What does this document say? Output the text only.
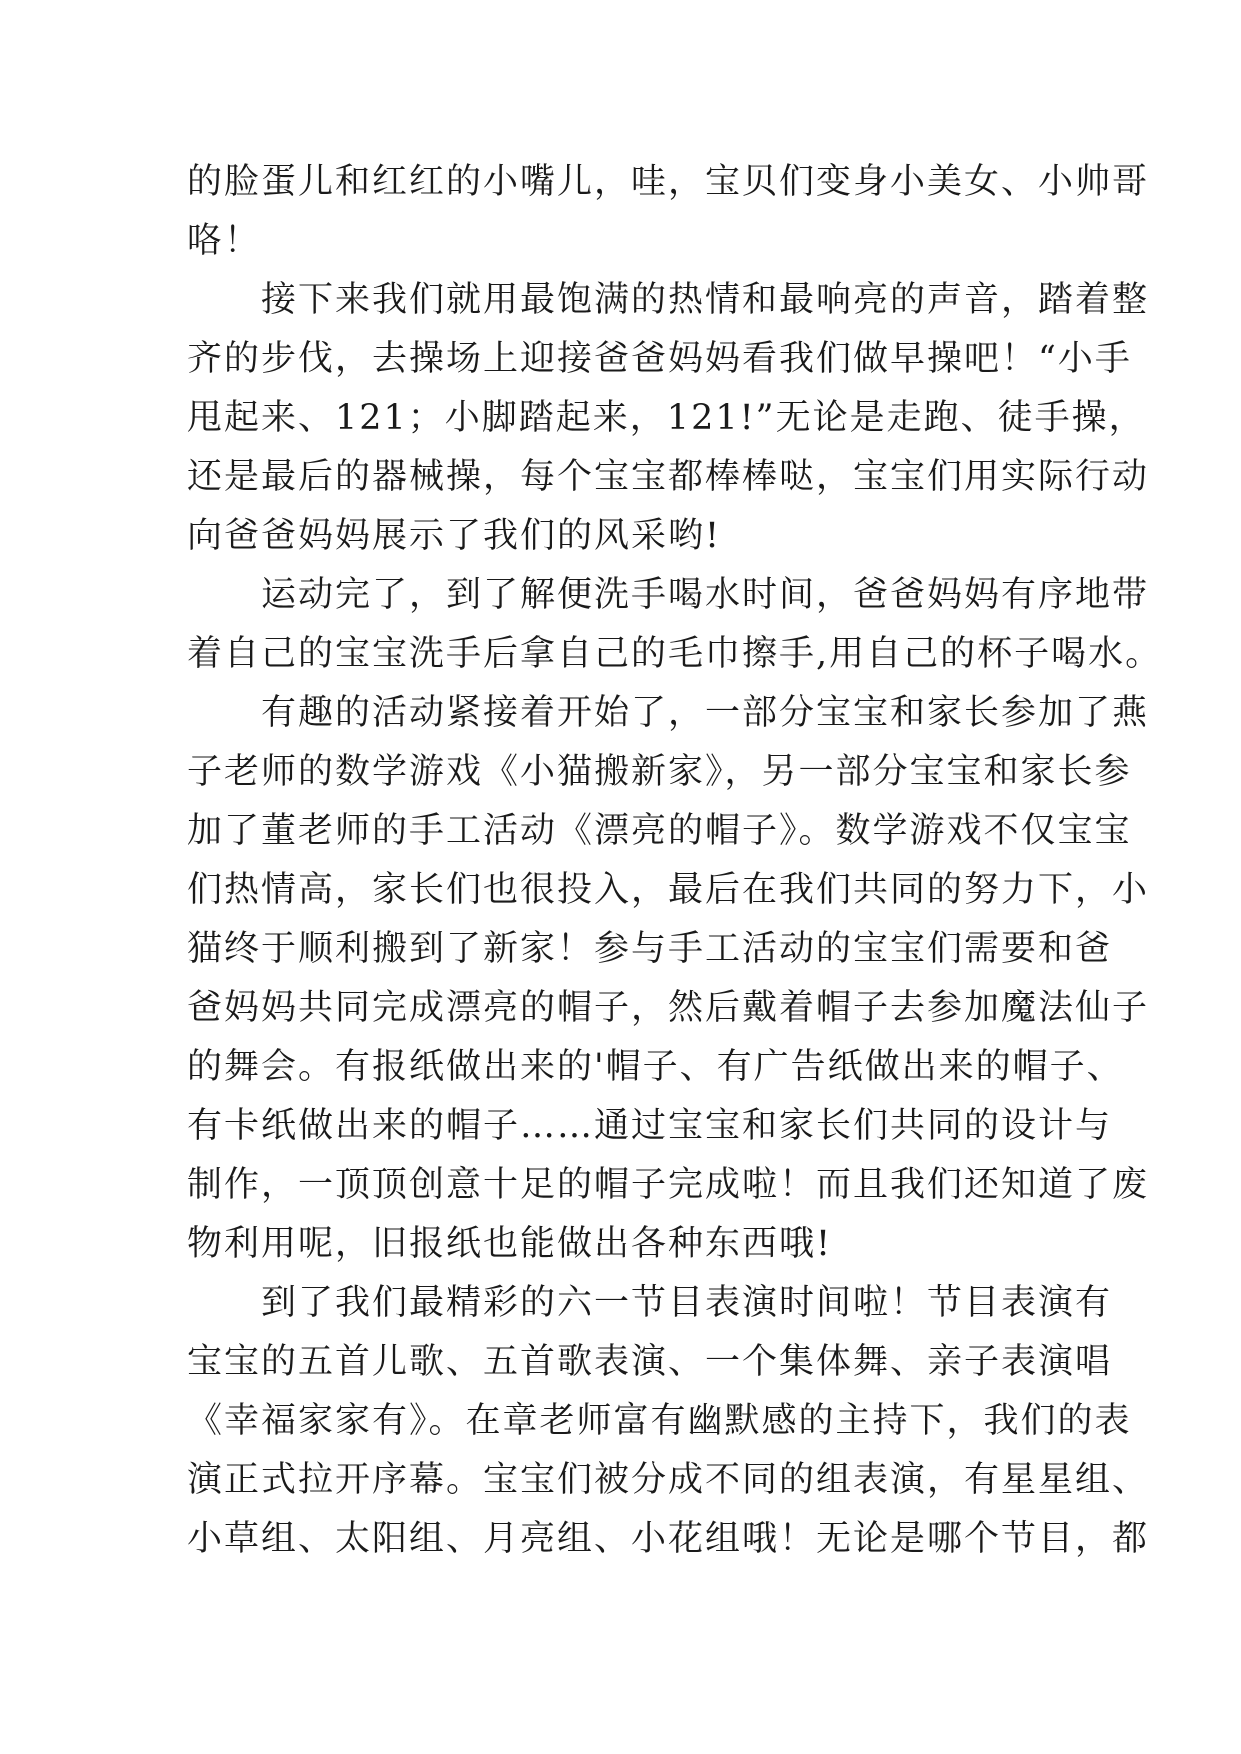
的脸蛋儿和红红的小嘴儿，哇，宝贝们变身小美女、小帅哥
咯！
　　接下来我们就用最饱满的热情和最响亮的声音，踏着整
齐的步伐，去操场上迎接爸爸妈妈看我们做早操吧！“小手
甩起来、121；小脚踏起来，121!”无论是走跑、徒手操，
还是最后的器械操，每个宝宝都棒棒哒，宝宝们用实际行动
向爸爸妈妈展示了我们的风采哟!
　　运动完了，到了解便洗手喝水时间，爸爸妈妈有序地带
着自己的宝宝洗手后拿自己的毛巾擦手,用自己的杯子喝水。
　　有趣的活动紧接着开始了，一部分宝宝和家长参加了燕
子老师的数学游戏《小猫搬新家》，另一部分宝宝和家长参
加了董老师的手工活动《漂亮的帽子》。数学游戏不仅宝宝
们热情高，家长们也很投入，最后在我们共同的努力下，小
猫终于顺利搬到了新家！参与手工活动的宝宝们需要和爸
爸妈妈共同完成漂亮的帽子，然后戴着帽子去参加魔法仙子
的舞会。有报纸做出来的'帽子、有广告纸做出来的帽子、
有卡纸做出来的帽子……通过宝宝和家长们共同的设计与
制作，一顶顶创意十足的帽子完成啦！而且我们还知道了废
物利用呢，旧报纸也能做出各种东西哦!
　　到了我们最精彩的六一节目表演时间啦！节目表演有
宝宝的五首儿歌、五首歌表演、一个集体舞、亲子表演唱
《幸福家家有》。在章老师富有幽默感的主持下，我们的表
演正式拉开序幕。宝宝们被分成不同的组表演，有星星组、
小草组、太阳组、月亮组、小花组哦！无论是哪个节目，都
